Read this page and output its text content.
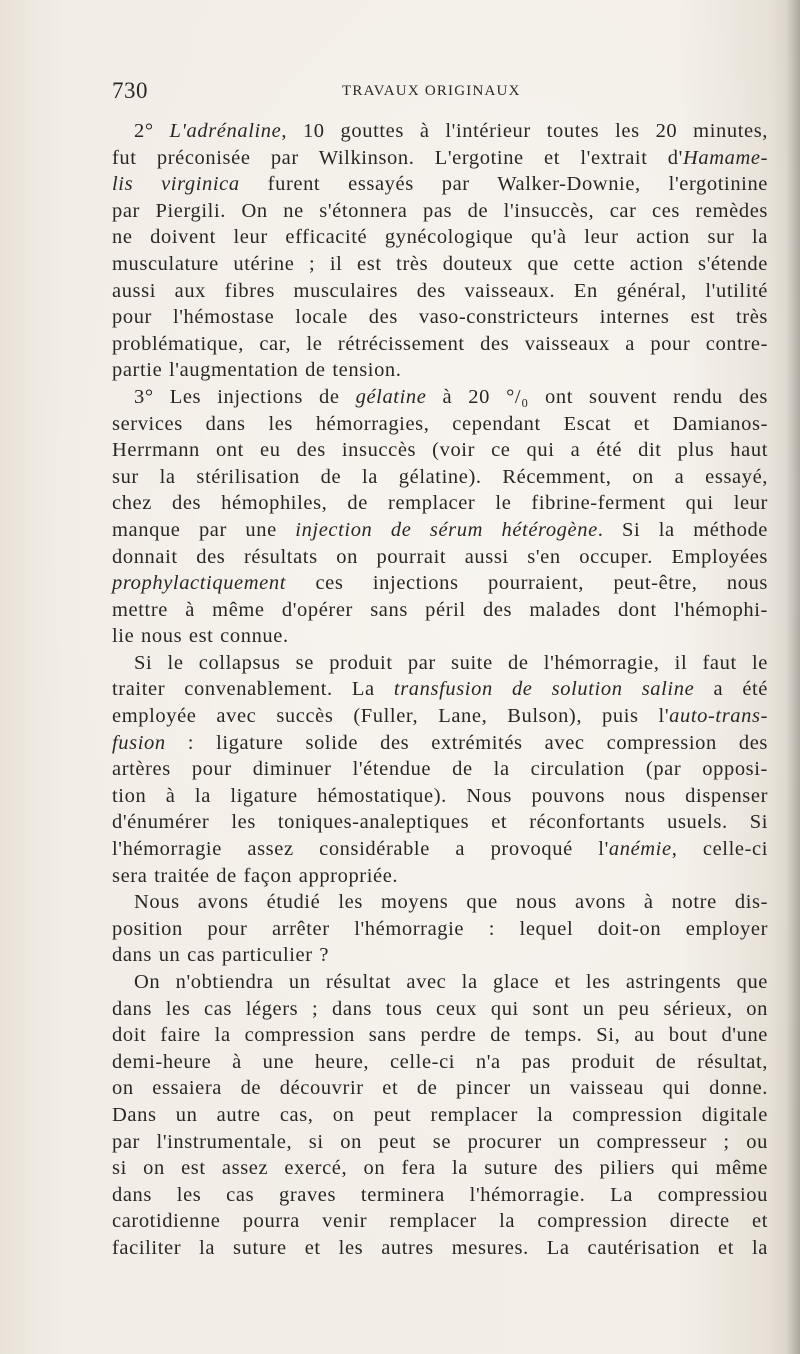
730	TRAVAUX ORIGINAUX
2° L'adrénaline, 10 gouttes à l'intérieur toutes les 20 minutes,
fut préconisée par Wilkinson. L'ergotine et l'extrait d'Hamame-
lis virginica furent essayés par Walker-Downie, l'ergotinine
par Piergili. On ne s'étonnera pas de l'insuccès, car ces remèdes
ne doivent leur efficacité gynécologique qu'à leur action sur la
musculature utérine ; il est très douteux que cette action s'étende
aussi aux fibres musculaires des vaisseaux. En général, l'utilité
pour l'hémostase locale des vaso-constricteurs internes est très
problématique, car, le rétrécissement des vaisseaux a pour contre-
partie l'augmentation de tension.
3° Les injections de gélatine à 20 °/₀ ont souvent rendu des
services dans les hémorragies, cependant Escat et Damianos-
Herrmann ont eu des insuccès (voir ce qui a été dit plus haut
sur la stérilisation de la gélatine). Récemment, on a essayé,
chez des hémophiles, de remplacer le fibrine-ferment qui leur
manque par une injection de sérum hétérogène. Si la méthode
donnait des résultats on pourrait aussi s'en occuper. Employées
prophylactiquement ces injections pourraient, peut-être, nous
mettre à même d'opérer sans péril des malades dont l'hémophi-
lie nous est connue.
Si le collapsus se produit par suite de l'hémorragie, il faut le
traiter convenablement. La transfusion de solution saline a été
employée avec succès (Fuller, Lane, Bulson), puis l'auto-trans-
fusion : ligature solide des extrémités avec compression des
artères pour diminuer l'étendue de la circulation (par opposi-
tion à la ligature hémostatique). Nous pouvons nous dispenser
d'énumérer les toniques-analeptiques et réconfortants usuels. Si
l'hémorragie assez considérable a provoqué l'anémie, celle-ci
sera traitée de façon appropriée.
Nous avons étudié les moyens que nous avons à notre dis-
position pour arrêter l'hémorragie : lequel doit-on employer
dans un cas particulier ?
On n'obtiendra un résultat avec la glace et les astringents que
dans les cas légers ; dans tous ceux qui sont un peu sérieux, on
doit faire la compression sans perdre de temps. Si, au bout d'une
demi-heure à une heure, celle-ci n'a pas produit de résultat,
on essaiera de découvrir et de pincer un vaisseau qui donne.
Dans un autre cas, on peut remplacer la compression digitale
par l'instrumentale, si on peut se procurer un compresseur ; ou
si on est assez exercé, on fera la suture des piliers qui même
dans les cas graves terminera l'hémorragie. La compressiou
carotidienne pourra venir remplacer la compression directe et
faciliter la suture et les autres mesures. La cautérisation et la
